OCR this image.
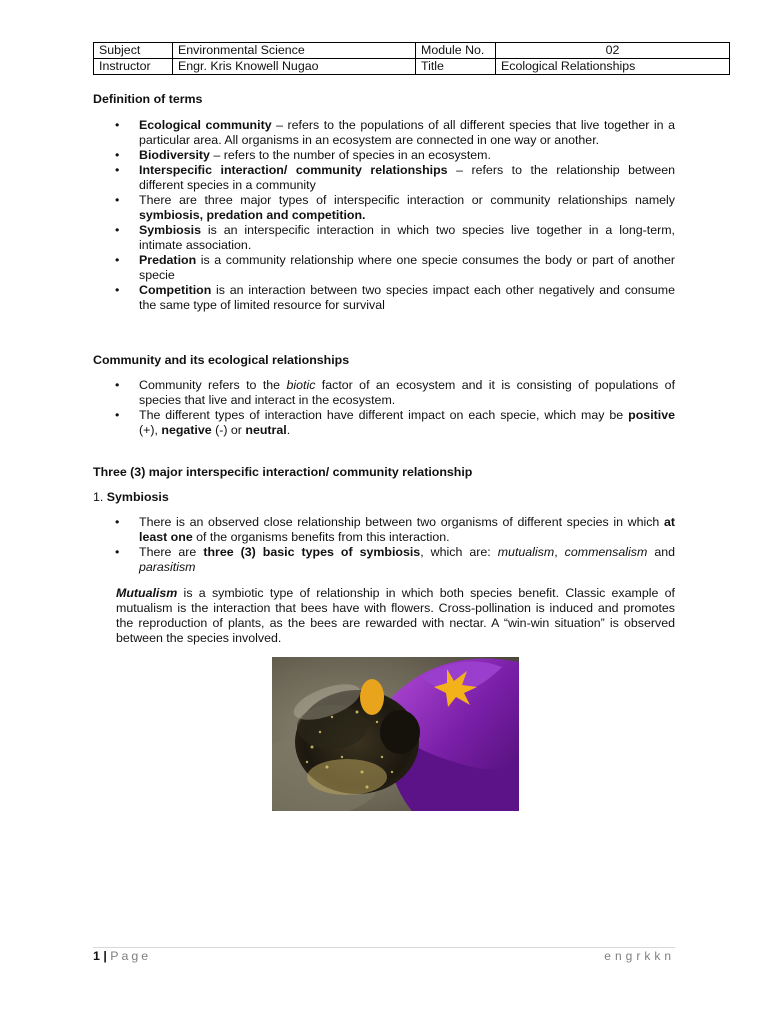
Subject	Environmental Science	Module No.	02
Instructor	Engr. Kris Knowell Nugao	Title	Ecological Relationships
Definition of terms
•	Ecological community – refers to the populations of all different species that live together in a particular area. All organisms in an ecosystem are connected in one way or another.
•	Biodiversity – refers to the number of species in an ecosystem.
•	Interspecific interaction/ community relationships – refers to the relationship between different species in a community
•	There are three major types of interspecific interaction or community relationships namely symbiosis, predation and competition.
•	Symbiosis is an interspecific interaction in which two species live together in a long-term, intimate association.
•	Predation is a community relationship where one specie consumes the body or part of another specie
•	Competition is an interaction between two species impact each other negatively and consume the same type of limited resource for survival
Community and its ecological relationships
•	Community refers to the biotic factor of an ecosystem and it is consisting of populations of species that live and interact in the ecosystem.
•	The different types of interaction have different impact on each specie, which may be positive (+), negative (-) or neutral.
Three (3) major interspecific interaction/ community relationship
1. Symbiosis
•	There is an observed close relationship between two organisms of different species in which at least one of the organisms benefits from this interaction.
•	There are three (3) basic types of symbiosis, which are: mutualism, commensalism and parasitism

Mutualism is a symbiotic type of relationship in which both species benefit. Classic example of mutualism is the interaction that bees have with flowers. Cross-pollination is induced and promotes the reproduction of plants, as the bees are rewarded with nectar. A “win-win situation” is observed between the species involved.

1 | Page	engrkkn
